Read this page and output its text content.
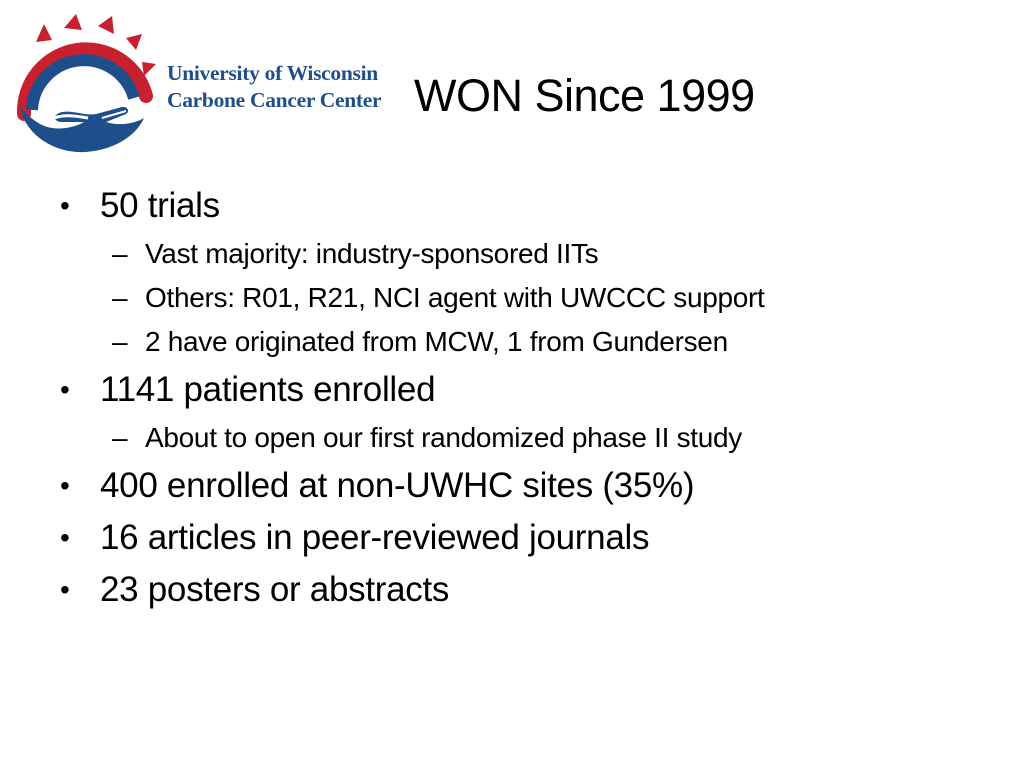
University of Wisconsin
Carbone Cancer Center WON Since 1999
• 50 trials
– Vast majority: industry-sponsored IITs
– Others: R01, R21, NCI agent with UWCCC support
– 2 have originated from MCW, 1 from Gundersen
• 1141 patients enrolled
– About to open our first randomized phase II study
• 400 enrolled at non-UWHC sites (35%)
• 16 articles in peer-reviewed journals
• 23 posters or abstracts
